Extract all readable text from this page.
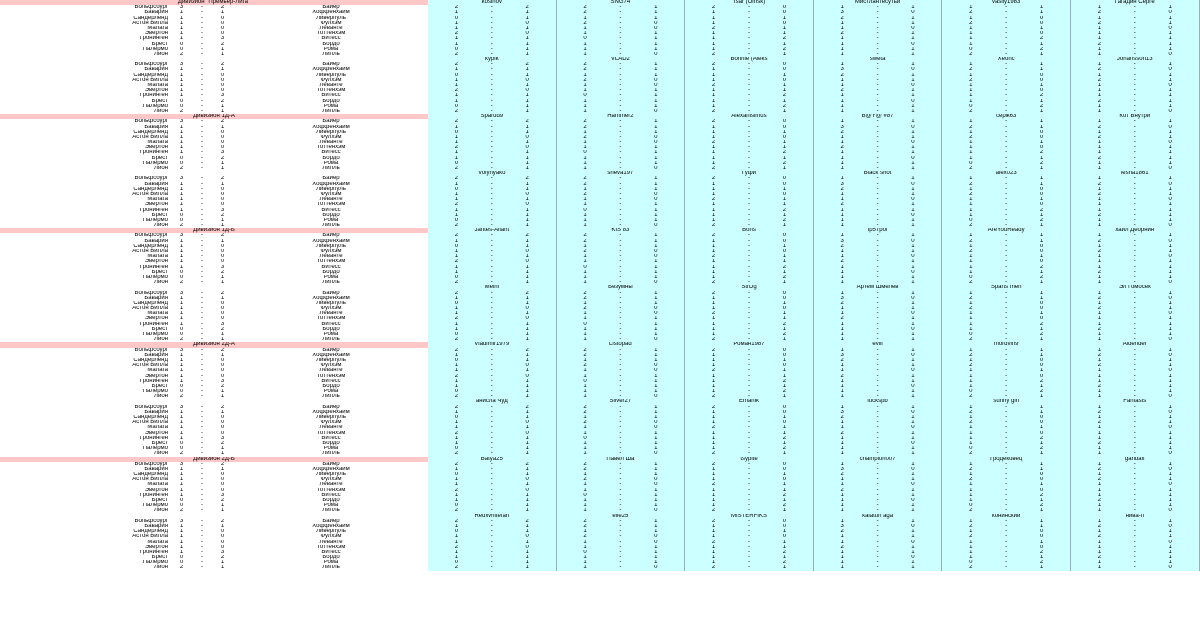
Дивизион "Премьер-Лига"	kosinov	SNG74	Tsar (Omsk)	Мистлантесутьи	vasily1983	Гагадин Серге
Вольфсбург	3	-	2	Байер	2	-	2	2	-	1	2	-	0	1	-	1	1	-	1	1	-	1
Бавария	1	-	1	Хоффенхайм	1	-	1	2	-	1	1	-	0	3	-	0	2	-	1	2	-	0
Сандерленд	1	-	0	Ливерпуль	0	-	1	1	-	1	1	-	1	2	-	1	1	-	0	1	-	1
Астон Вилла	1	-	0	Фулхэм	1	-	0	2	-	0	1	-	0	1	-	1	2	-	0	2	-	1
Малага	1	-	0	Леванте	1	-	1	1	-	0	2	-	1	1	-	0	1	-	1	1	-	0
Эвертон	1	-	0	Тоттенхэм	2	-	0	1	-	1	1	-	1	2	-	1	1	-	0	1	-	1
Гронинген	1	-	3	Витесс	1	-	1	0	-	1	1	-	2	1	-	1	1	-	2	1	-	1
Брест	0	-	2	Бордо	1	-	1	1	-	1	1	-	1	1	-	0	1	-	1	2	-	1
Палермо	0	-	1	Рома	0	-	1	1	-	1	1	-	2	1	-	1	0	-	2	1	-	1
Лион	2	-	1	Лилль	2	-	1	1	-	0	2	-	1	1	-	1	2	-	1	1	-	0
kypik	VLAD2	Bonnie (Aleks	sweta	Xeonc	Johansson13
Вольфсбург	3	-	2	Байер	2	-	2	2	-	1	2	-	0	1	-	1	1	-	1	1	-	1
Бавария	1	-	1	Хоффенхайм	1	-	1	2	-	1	1	-	0	3	-	0	2	-	1	2	-	0
Сандерленд	1	-	0	Ливерпуль	0	-	1	1	-	1	1	-	1	2	-	1	1	-	0	1	-	1
Астон Вилла	1	-	0	Фулхэм	1	-	0	2	-	0	1	-	0	1	-	1	2	-	0	2	-	1
Малага	1	-	0	Леванте	1	-	1	1	-	0	2	-	1	1	-	0	1	-	1	1	-	0
Эвертон	1	-	0	Тоттенхэм	2	-	0	1	-	1	1	-	1	2	-	1	1	-	0	1	-	1
Гронинген	1	-	3	Витесс	1	-	1	0	-	1	1	-	2	1	-	1	1	-	2	1	-	1
Брест	0	-	2	Бордо	1	-	1	1	-	1	1	-	1	1	-	0	1	-	1	2	-	1
Палермо	0	-	1	Рома	0	-	1	1	-	1	1	-	2	1	-	1	0	-	2	1	-	1
Лион	2	-	1	Лилль	2	-	1	1	-	0	2	-	1	1	-	1	2	-	1	1	-	0
Дивизион 1Д-А	Sparud9	Hammer2	Alexanisimus	B@Y@ #87	серж63	Кот Внутри
Вольфсбург	3	-	2	Байер	2	-	2	2	-	1	2	-	0	1	-	1	1	-	1	1	-	1
Бавария	1	-	1	Хоффенхайм	1	-	1	2	-	1	1	-	0	3	-	0	2	-	1	2	-	0
Сандерленд	1	-	0	Ливерпуль	0	-	1	1	-	1	1	-	1	2	-	1	1	-	0	1	-	1
Астон Вилла	1	-	0	Фулхэм	1	-	0	2	-	0	1	-	0	1	-	1	2	-	0	2	-	1
Малага	1	-	0	Леванте	1	-	1	1	-	0	2	-	1	1	-	0	1	-	1	1	-	0
Эвертон	1	-	0	Тоттенхэм	2	-	0	1	-	1	1	-	1	2	-	1	1	-	0	1	-	1
Гронинген	1	-	3	Витесс	1	-	1	0	-	1	1	-	2	1	-	1	1	-	2	1	-	1
Брест	0	-	2	Бордо	1	-	1	1	-	1	1	-	1	1	-	0	1	-	1	2	-	1
Палермо	0	-	1	Рома	0	-	1	1	-	1	1	-	2	1	-	1	0	-	2	1	-	1
Лион	2	-	1	Лилль	2	-	1	1	-	0	2	-	1	1	-	1	2	-	1	1	-	0
Volynyako	sheva197	Гуфи	Black shot	alex023	lesha1861
Вольфсбург	3	-	2	Байер	2	-	2	2	-	1	2	-	0	1	-	1	1	-	1	1	-	1
Бавария	1	-	1	Хоффенхайм	1	-	1	2	-	1	1	-	0	3	-	0	2	-	1	2	-	0
Сандерленд	1	-	0	Ливерпуль	0	-	1	1	-	1	1	-	1	2	-	1	1	-	0	1	-	1
Астон Вилла	1	-	0	Фулхэм	1	-	0	2	-	0	1	-	0	1	-	1	2	-	0	2	-	1
Малага	1	-	0	Леванте	1	-	1	1	-	0	2	-	1	1	-	0	1	-	1	1	-	0
Эвертон	1	-	0	Тоттенхэм	2	-	0	1	-	1	1	-	1	2	-	1	1	-	0	1	-	1
Гронинген	1	-	3	Витесс	1	-	1	0	-	1	1	-	2	1	-	1	1	-	2	1	-	1
Брест	0	-	2	Бордо	1	-	1	1	-	1	1	-	1	1	-	0	1	-	1	2	-	1
Палермо	0	-	1	Рома	0	-	1	1	-	1	1	-	2	1	-	1	0	-	2	1	-	1
Лион	2	-	1	Лилль	2	-	1	1	-	0	2	-	1	1	-	1	2	-	1	1	-	0
Дивизион 1Д-Б	Jantes-Allant	KIS 83	Bons	ip57pol	AreYouReady	хаил Деорнин
Вольфсбург	3	-	2	Байер	2	-	2	2	-	1	2	-	0	1	-	1	1	-	1	1	-	1
Бавария	1	-	1	Хоффенхайм	1	-	1	2	-	1	1	-	0	3	-	0	2	-	1	2	-	0
Сандерленд	1	-	0	Ливерпуль	0	-	1	1	-	1	1	-	1	2	-	1	1	-	0	1	-	1
Астон Вилла	1	-	0	Фулхэм	1	-	0	2	-	0	1	-	0	1	-	1	2	-	0	2	-	1
Малага	1	-	0	Леванте	1	-	1	1	-	0	2	-	1	1	-	0	1	-	1	1	-	0
Эвертон	1	-	0	Тоттенхэм	2	-	0	1	-	1	1	-	1	2	-	1	1	-	0	1	-	1
Гронинген	1	-	3	Витесс	1	-	1	0	-	1	1	-	2	1	-	1	1	-	2	1	-	1
Брест	0	-	2	Бордо	1	-	1	1	-	1	1	-	1	1	-	0	1	-	1	2	-	1
Палермо	0	-	1	Рома	0	-	1	1	-	1	1	-	2	1	-	1	0	-	2	1	-	1
Лион	2	-	1	Лилль	2	-	1	1	-	0	2	-	1	1	-	1	2	-	1	1	-	0
Melhi	Безумны	StrDg	Артем Шмелёв	Sparts men	Эл Гомосек
Вольфсбург	3	-	2	Байер	2	-	2	2	-	1	2	-	0	1	-	1	1	-	1	1	-	1
Бавария	1	-	1	Хоффенхайм	1	-	1	2	-	1	1	-	0	3	-	0	2	-	1	2	-	0
Сандерленд	1	-	0	Ливерпуль	0	-	1	1	-	1	1	-	1	2	-	1	1	-	0	1	-	1
Астон Вилла	1	-	0	Фулхэм	1	-	0	2	-	0	1	-	0	1	-	1	2	-	0	2	-	1
Малага	1	-	0	Леванте	1	-	1	1	-	0	2	-	1	1	-	0	1	-	1	1	-	0
Эвертон	1	-	0	Тоттенхэм	2	-	0	1	-	1	1	-	1	2	-	1	1	-	0	1	-	1
Гронинген	1	-	3	Витесс	1	-	1	0	-	1	1	-	2	1	-	1	1	-	2	1	-	1
Брест	0	-	2	Бордо	1	-	1	1	-	1	1	-	1	1	-	0	1	-	1	2	-	1
Палермо	0	-	1	Рома	0	-	1	1	-	1	1	-	2	1	-	1	0	-	2	1	-	1
Лион	2	-	1	Лилль	2	-	1	1	-	0	2	-	1	1	-	1	2	-	1	1	-	0
Дивизион 2Д-А	Vladimir1979	Listopad	Роман1987	evill	mordvin9	Aldender
Вольфсбург	3	-	2	Байер	2	-	2	2	-	1	2	-	0	1	-	1	1	-	1	1	-	1
Бавария	1	-	1	Хоффенхайм	1	-	1	2	-	1	1	-	0	3	-	0	2	-	1	2	-	0
Сандерленд	1	-	0	Ливерпуль	0	-	1	1	-	1	1	-	1	2	-	1	1	-	0	1	-	1
Астон Вилла	1	-	0	Фулхэм	1	-	0	2	-	0	1	-	0	1	-	1	2	-	0	2	-	1
Малага	1	-	0	Леванте	1	-	1	1	-	0	2	-	1	1	-	0	1	-	1	1	-	0
Эвертон	1	-	0	Тоттенхэм	2	-	0	1	-	1	1	-	1	2	-	1	1	-	0	1	-	1
Гронинген	1	-	3	Витесс	1	-	1	0	-	1	1	-	2	1	-	1	1	-	2	1	-	1
Брест	0	-	2	Бордо	1	-	1	1	-	1	1	-	1	1	-	0	1	-	1	2	-	1
Палермо	0	-	1	Рома	0	-	1	1	-	1	1	-	2	1	-	1	0	-	2	1	-	1
Лион	2	-	1	Лилль	2	-	1	1	-	0	2	-	1	1	-	1	2	-	1	1	-	0
анисла Чуд	Silver27	Emanik	luckspb	sunny girl	Fantasts
Вольфсбург	3	-	2	Байер	2	-	2	2	-	1	2	-	0	1	-	1	1	-	1	1	-	1
Бавария	1	-	1	Хоффенхайм	1	-	1	2	-	1	1	-	0	3	-	0	2	-	1	2	-	0
Сандерленд	1	-	0	Ливерпуль	0	-	1	1	-	1	1	-	1	2	-	1	1	-	0	1	-	1
Астон Вилла	1	-	0	Фулхэм	1	-	0	2	-	0	1	-	0	1	-	1	2	-	0	2	-	1
Малага	1	-	0	Леванте	1	-	1	1	-	0	2	-	1	1	-	0	1	-	1	1	-	0
Эвертон	1	-	0	Тоттенхэм	2	-	0	1	-	1	1	-	1	2	-	1	1	-	0	1	-	1
Гронинген	1	-	3	Витесс	1	-	1	0	-	1	1	-	2	1	-	1	1	-	2	1	-	1
Брест	0	-	2	Бордо	1	-	1	1	-	1	1	-	1	1	-	0	1	-	1	2	-	1
Палермо	0	-	1	Рома	0	-	1	1	-	1	1	-	2	1	-	1	0	-	2	1	-	1
Лион	2	-	1	Лилль	2	-	1	1	-	0	2	-	1	1	-	1	2	-	1	1	-	0
Дивизион 2Д-Б	Batya25	Павел Ша	tsypite	champion007	Гродековец	gandalf
Вольфсбург	3	-	2	Байер	2	-	2	2	-	1	2	-	0	1	-	1	1	-	1	1	-	1
Бавария	1	-	1	Хоффенхайм	1	-	1	2	-	1	1	-	0	3	-	0	2	-	1	2	-	0
Сандерленд	1	-	0	Ливерпуль	0	-	1	1	-	1	1	-	1	2	-	1	1	-	0	1	-	1
Астон Вилла	1	-	0	Фулхэм	1	-	0	2	-	0	1	-	0	1	-	1	2	-	0	2	-	1
Малага	1	-	0	Леванте	1	-	1	1	-	0	2	-	1	1	-	0	1	-	1	1	-	0
Эвертон	1	-	0	Тоттенхэм	2	-	0	1	-	1	1	-	1	2	-	1	1	-	0	1	-	1
Гронинген	1	-	3	Витесс	1	-	1	0	-	1	1	-	2	1	-	1	1	-	2	1	-	1
Брест	0	-	2	Бордо	1	-	1	1	-	1	1	-	1	1	-	0	1	-	1	2	-	1
Палермо	0	-	1	Рома	0	-	1	1	-	1	1	-	2	1	-	1	0	-	2	1	-	1
Лион	2	-	1	Лилль	2	-	1	1	-	0	2	-	1	1	-	1	2	-	1	1	-	0
RedWhitefan	elle25	MISTERFIKS	kalatun aga	конинский	нива-п
Вольфсбург	3	-	2	Байер	2	-	2	2	-	1	2	-	0	1	-	1	1	-	1	1	-	1
Бавария	1	-	1	Хоффенхайм	1	-	1	2	-	1	1	-	0	3	-	0	2	-	1	2	-	0
Сандерленд	1	-	0	Ливерпуль	0	-	1	1	-	1	1	-	1	2	-	1	1	-	0	1	-	1
Астон Вилла	1	-	0	Фулхэм	1	-	0	2	-	0	1	-	0	1	-	1	2	-	0	2	-	1
Малага	1	-	0	Леванте	1	-	1	1	-	0	2	-	1	1	-	0	1	-	1	1	-	0
Эвертон	1	-	0	Тоттенхэм	2	-	0	1	-	1	1	-	1	2	-	1	1	-	0	1	-	1
Гронинген	1	-	3	Витесс	1	-	1	0	-	1	1	-	2	1	-	1	1	-	2	1	-	1
Брест	0	-	2	Бордо	1	-	1	1	-	1	1	-	1	1	-	0	1	-	1	2	-	1
Палермо	0	-	1	Рома	0	-	1	1	-	1	1	-	2	1	-	1	0	-	2	1	-	1
Лион	2	-	1	Лилль	2	-	1	1	-	0	2	-	1	1	-	1	2	-	1	1	-	0
